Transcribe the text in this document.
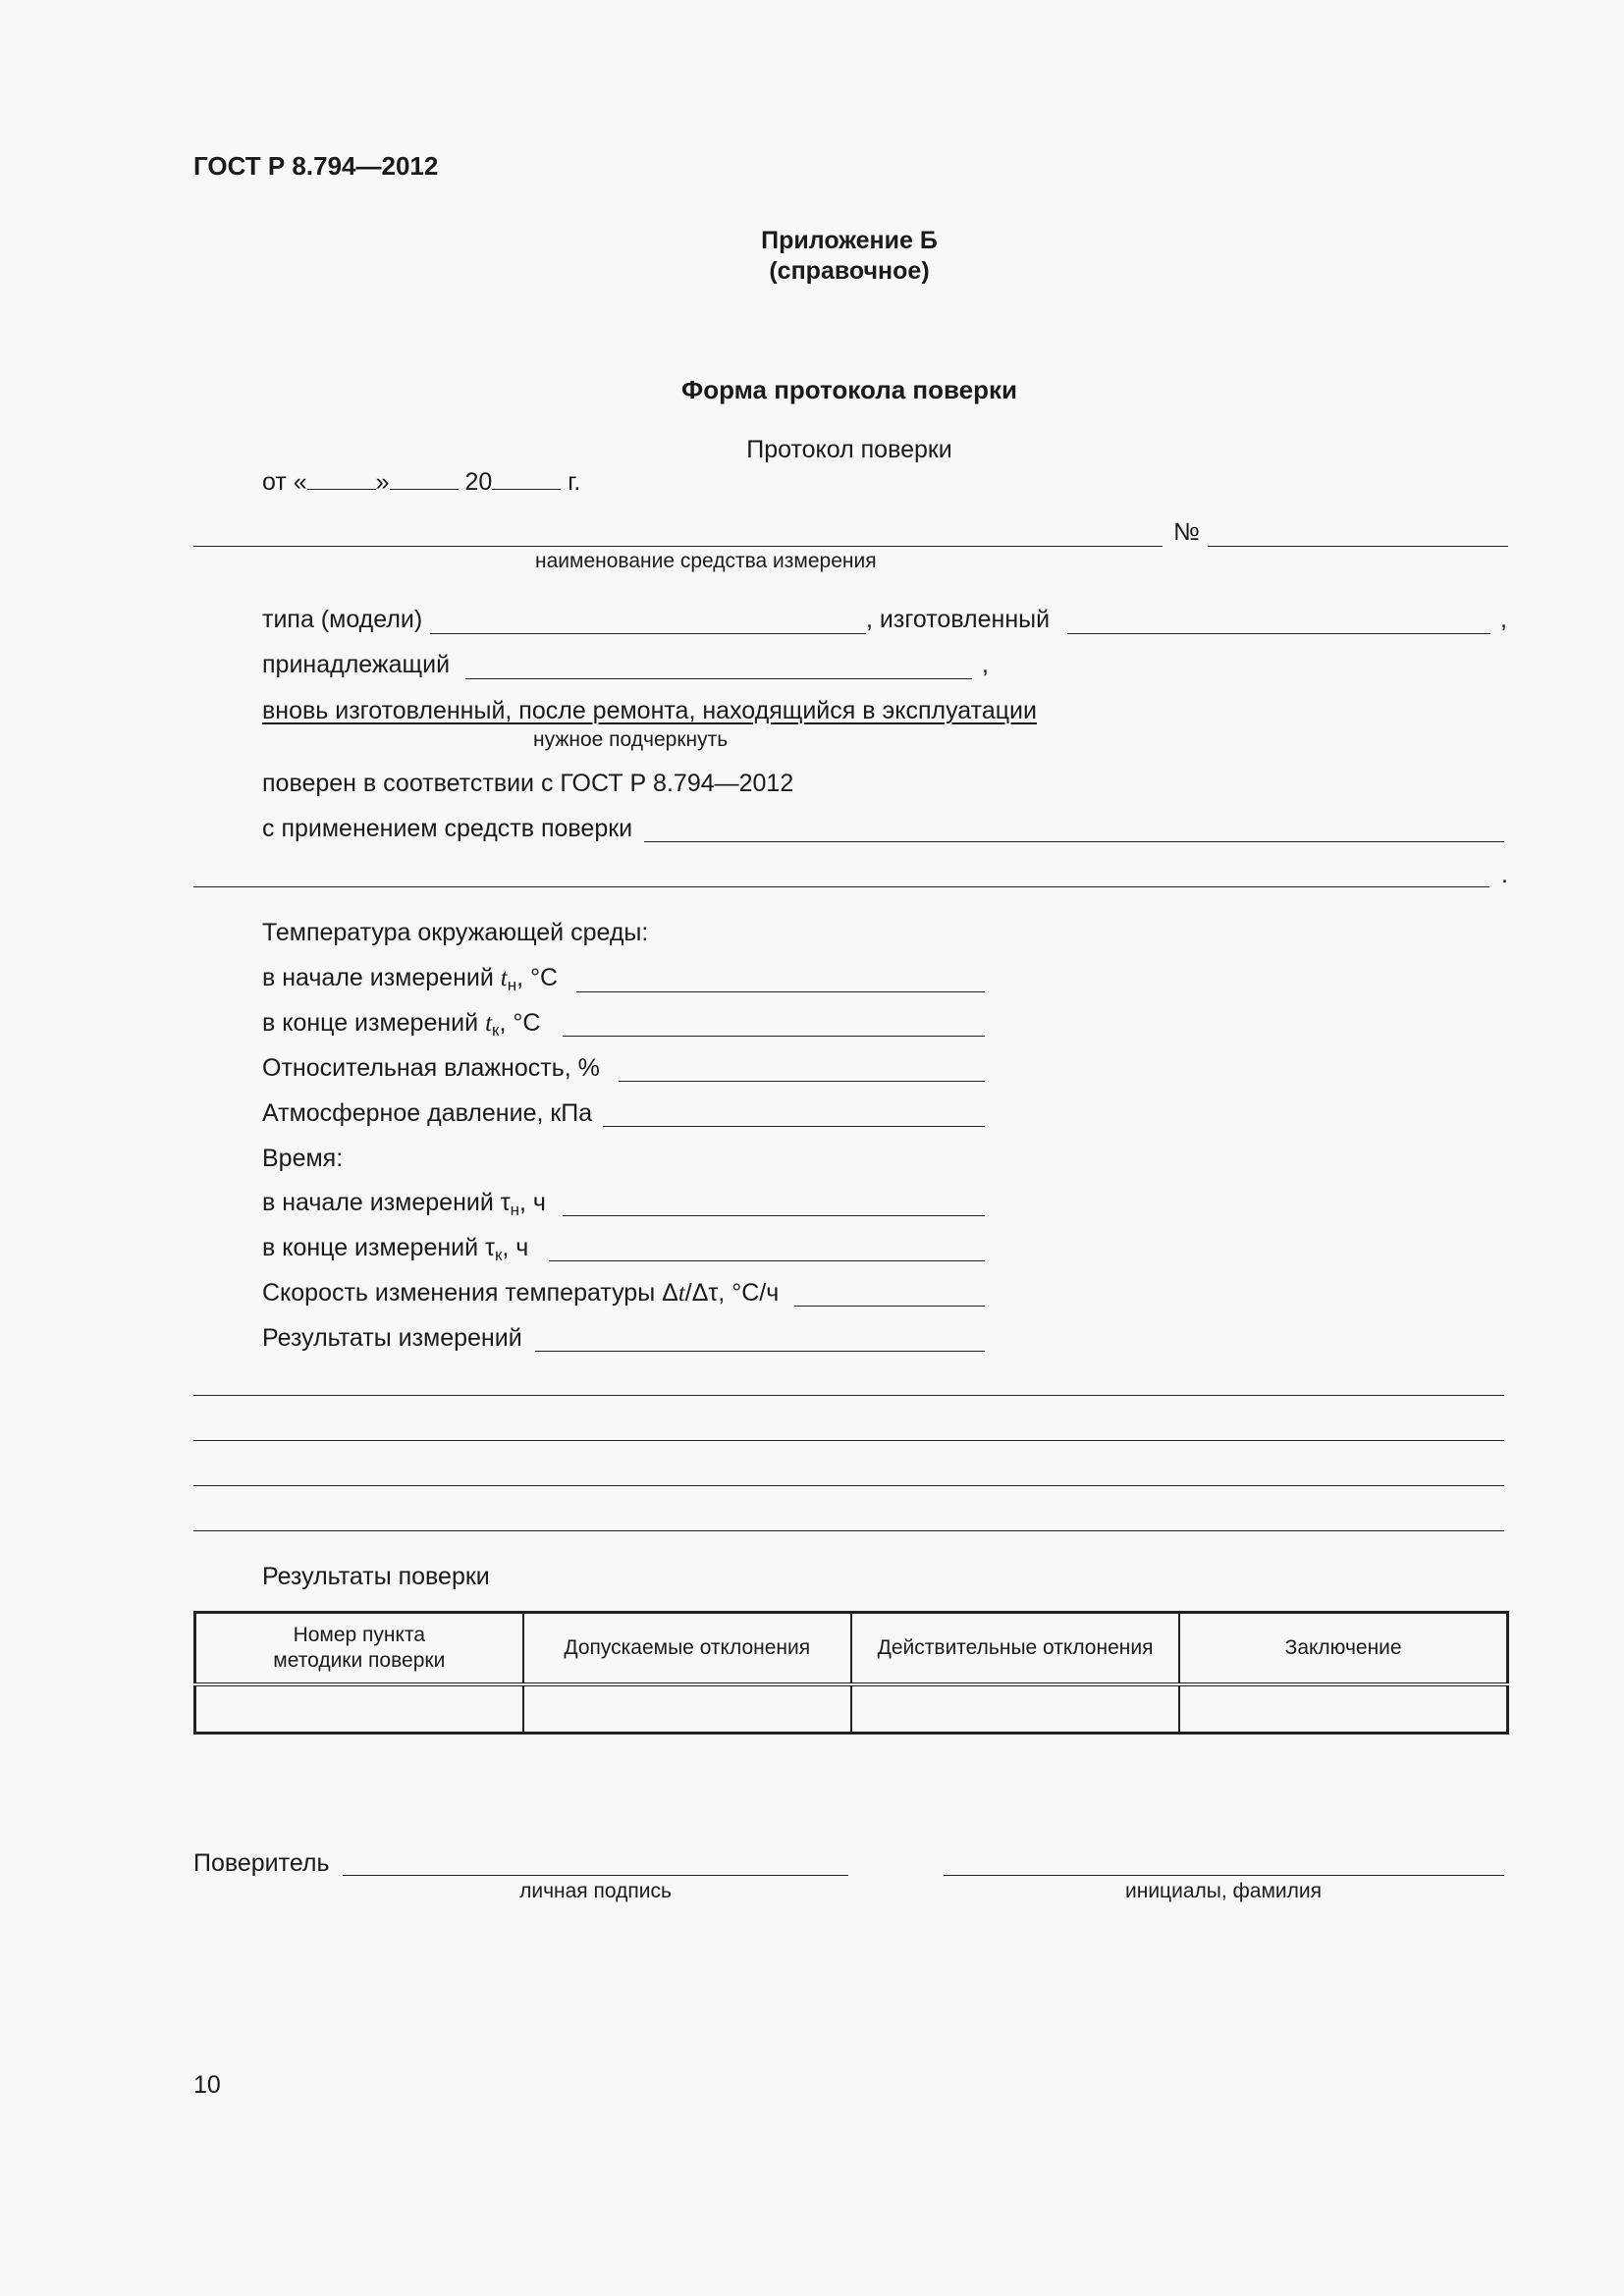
ГОСТ Р 8.794—2012
Приложение Б
(справочное)
Форма протокола поверки
Протокол поверки
от «	»	20	г.
№
наименование средства измерения
типа (модели)	, изготовленный	,
принадлежащий	,
вновь изготовленный, после ремонта, находящийся в эксплуатации
нужное подчеркнуть
поверен в соответствии с ГОСТ Р 8.794—2012
с применением средств поверки
.
Температура окружающей среды:
в начале измерений $t_н$, °С
в конце измерений $t_к$, °С
Относительная влажность, %
Атмосферное давление, кПа
Время:
в начале измерений $\tau_н$, ч
в конце измерений $\tau_к$, ч
Скорость изменения температуры Δt/Δτ, °С/ч
Результаты измерений
Результаты поверки
Номер пункта
методики поверки	Допускаемые отклонения	Действительные отклонения	Заключение

Поверитель
личная подпись	инициалы, фамилия
10
